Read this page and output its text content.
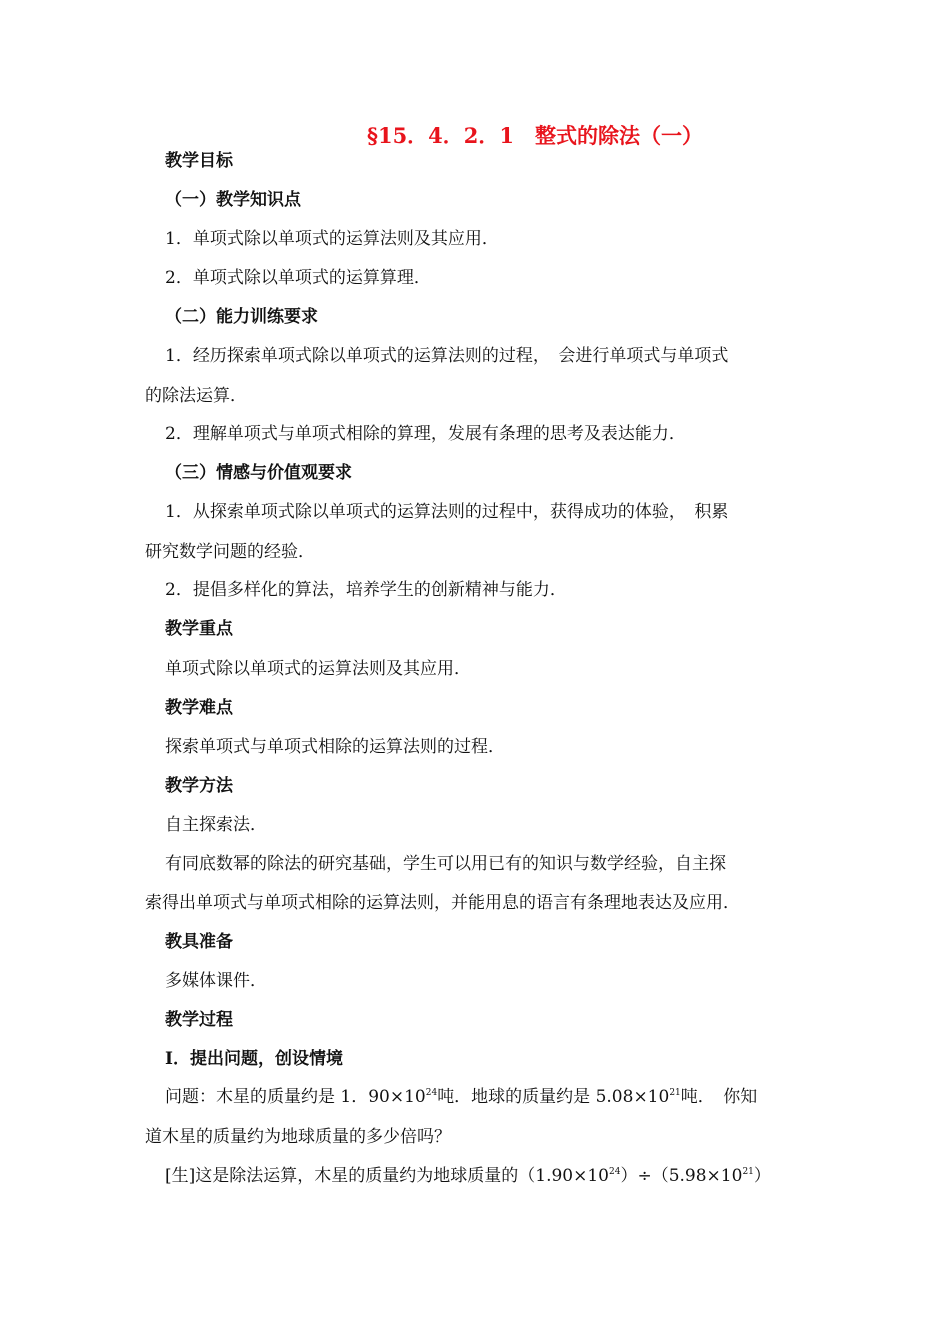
§15．4．2．1　整式的除法（一）
教学目标
（一）教学知识点
1．单项式除以单项式的运算法则及其应用．
2．单项式除以单项式的运算算理．
（二）能力训练要求
1．经历探索单项式除以单项式的运算法则的过程，　会进行单项式与单项式
的除法运算．
2．理解单项式与单项式相除的算理，发展有条理的思考及表达能力．
（三）情感与价值观要求
1．从探索单项式除以单项式的运算法则的过程中，获得成功的体验，　积累
研究数学问题的经验．
2．提倡多样化的算法，培养学生的创新精神与能力．
教学重点
单项式除以单项式的运算法则及其应用．
教学难点
探索单项式与单项式相除的运算法则的过程．
教学方法
自主探索法．
有同底数幂的除法的研究基础，学生可以用已有的知识与数学经验，自主探
索得出单项式与单项式相除的运算法则，并能用息的语言有条理地表达及应用．
教具准备
多媒体课件．
教学过程
Ⅰ．提出问题，创设情境
问题：木星的质量约是 1．$90\times 10^{24}$吨．地球的质量约是 $5.08\times 10^{21}$吨．　你知
道木星的质量约为地球质量的多少倍吗？
[生]这是除法运算，木星的质量约为地球质量的$(1.90\times 10^{24})\div(5.98\times 10^{21})$
